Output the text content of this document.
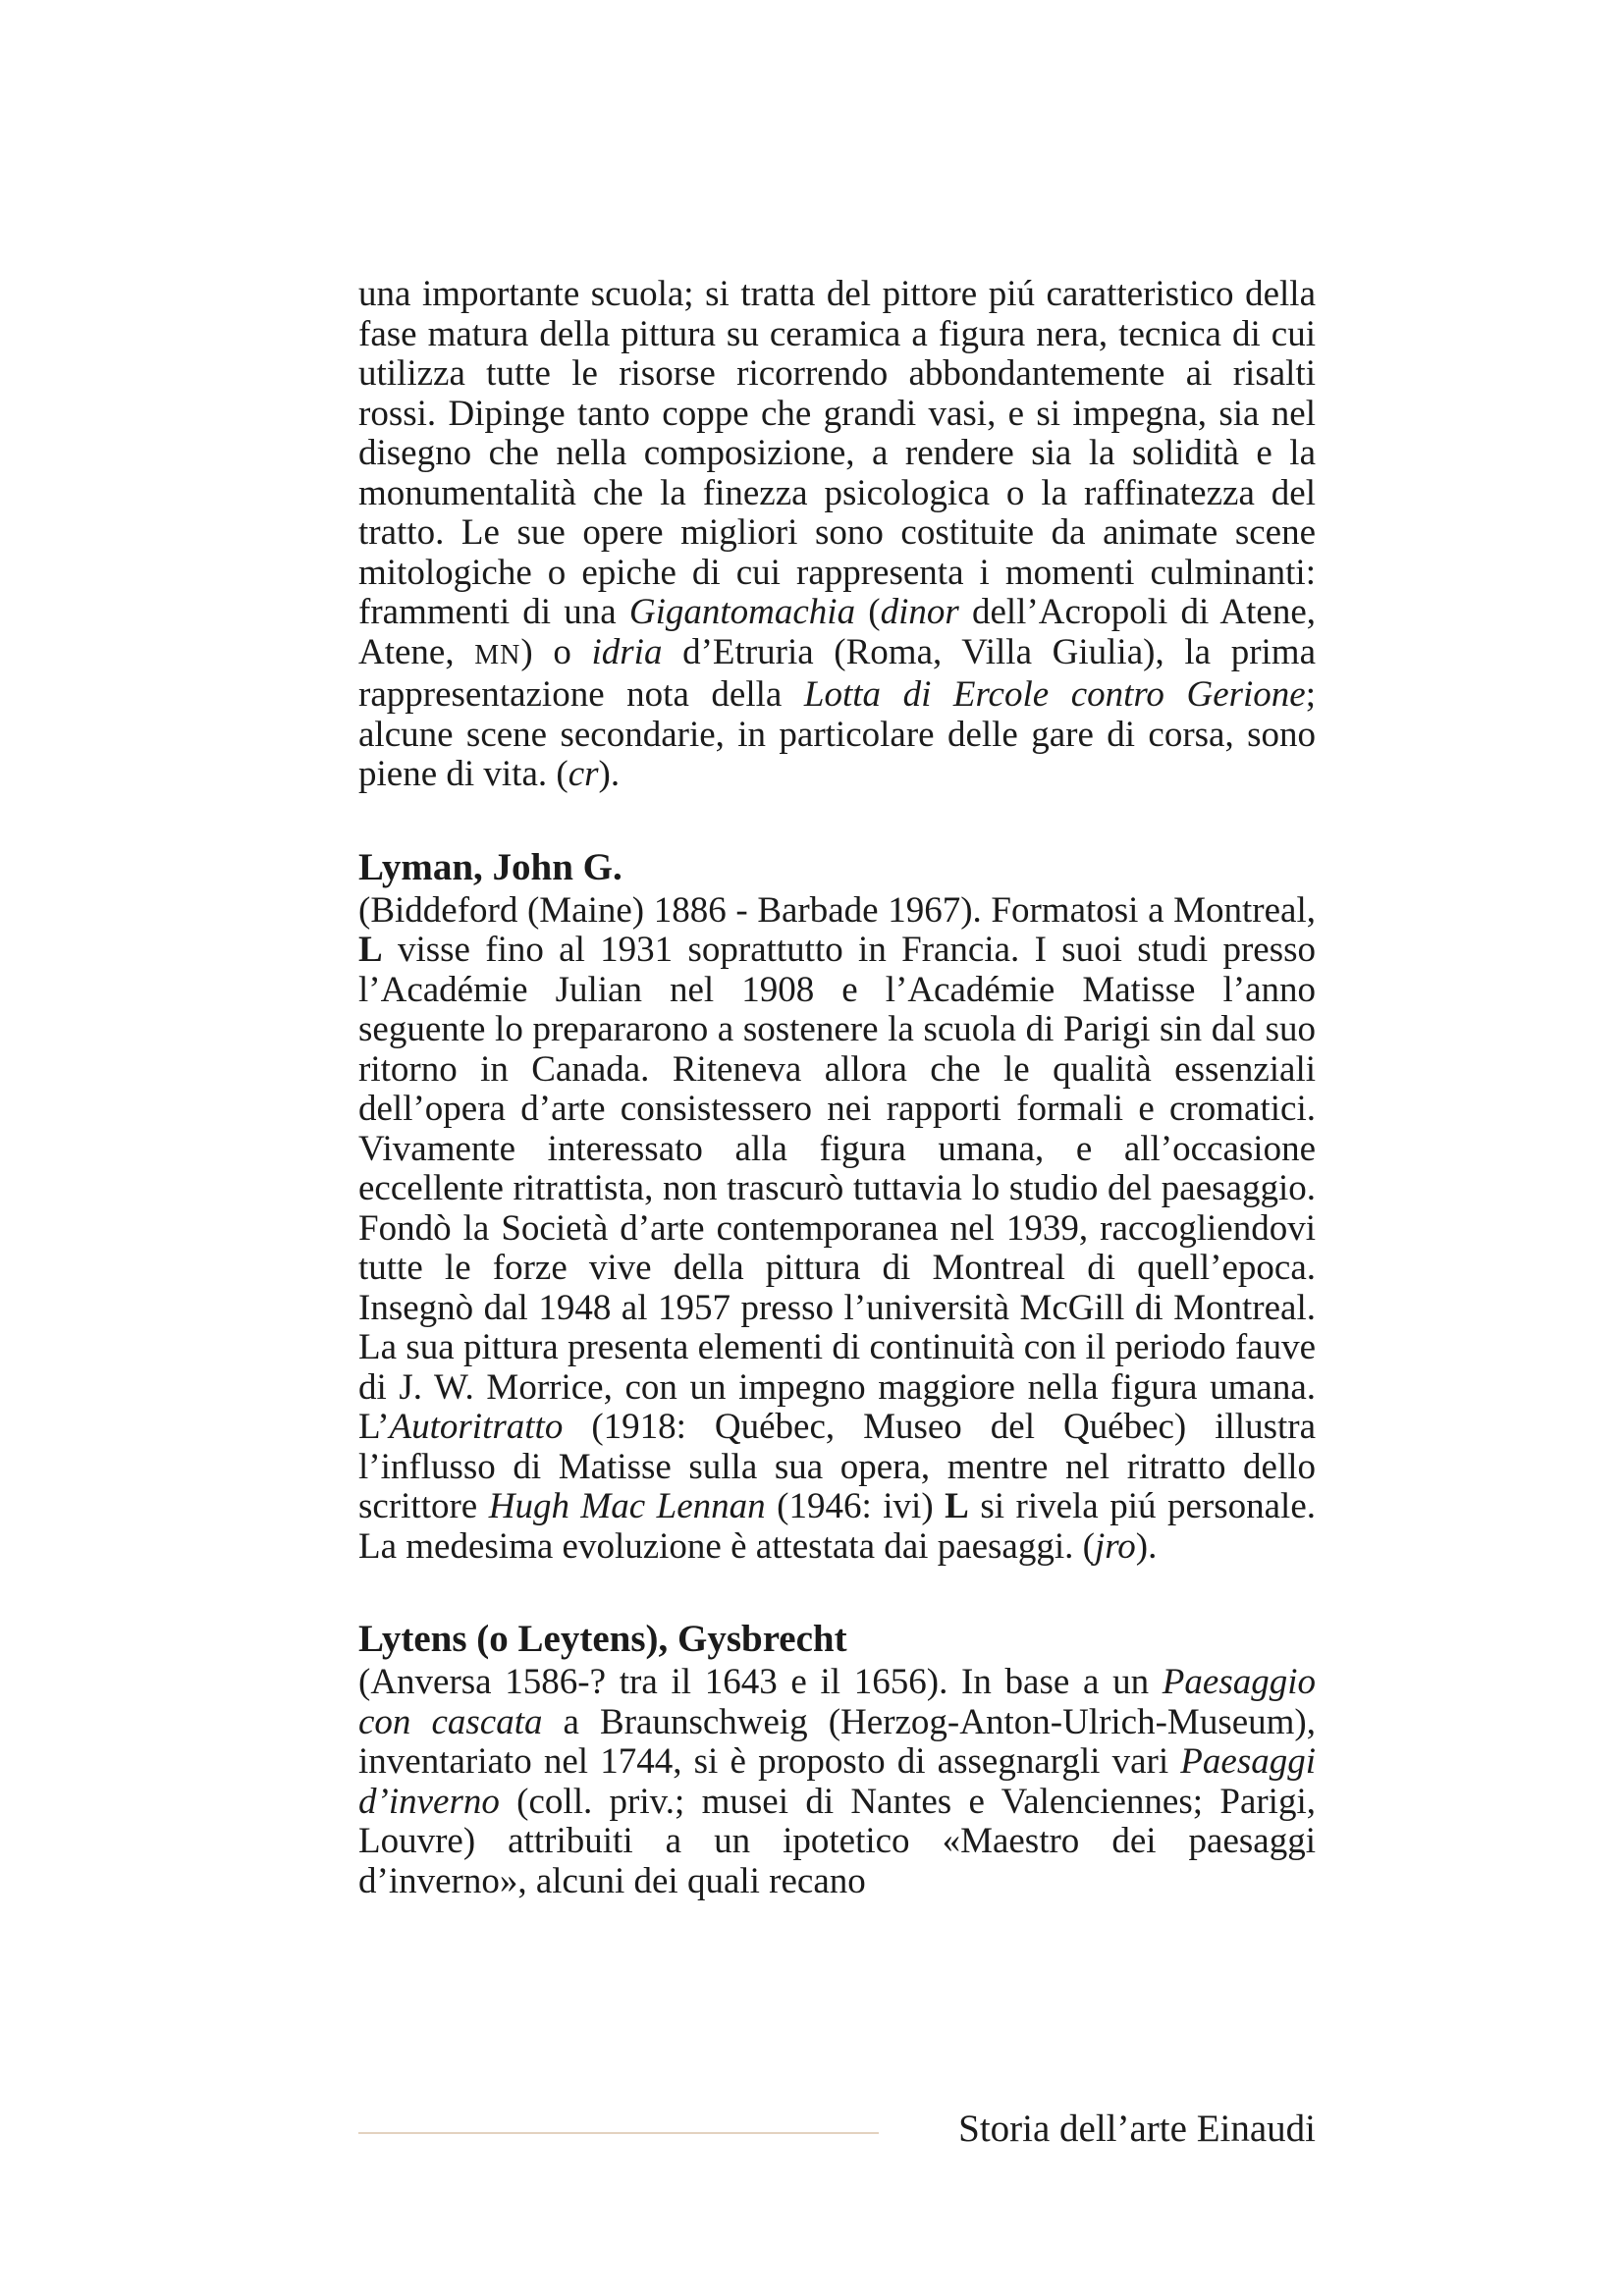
una importante scuola; si tratta del pittore piú caratteristico della fase matura della pittura su ceramica a figura nera, tecnica di cui utilizza tutte le risorse ricorrendo abbondantemente ai risalti rossi. Dipinge tanto coppe che grandi vasi, e si impegna, sia nel disegno che nella composizione, a rendere sia la solidità e la monumentalità che la finezza psicologica o la raffinatezza del tratto. Le sue opere migliori sono costituite da animate scene mitologiche o epiche di cui rappresenta i momenti culminanti: frammenti di una Gigantomachia (dinor dell’Acropoli di Atene, Atene, MN) o idria d’Etruria (Roma, Villa Giulia), la prima rappresentazione nota della Lotta di Ercole contro Gerione; alcune scene secondarie, in particolare delle gare di corsa, sono piene di vita. (cr).

Lyman, John G.

(Biddeford (Maine) 1886 - Barbade 1967). Formatosi a Montreal, L visse fino al 1931 soprattutto in Francia. I suoi studi presso l’Académie Julian nel 1908 e l’Académie Matisse l’anno seguente lo prepararono a sostenere la scuola di Parigi sin dal suo ritorno in Canada. Riteneva allora che le qualità essenziali dell’opera d’arte consistessero nei rapporti formali e cromatici. Vivamente interessato alla figura umana, e all’occasione eccellente ritrattista, non trascurò tuttavia lo studio del paesaggio. Fondò la Società d’arte contemporanea nel 1939, raccogliendovi tutte le forze vive della pittura di Montreal di quell’epoca. Insegnò dal 1948 al 1957 presso l’università McGill di Montreal. La sua pittura presenta elementi di continuità con il periodo fauve di J. W. Morrice, con un impegno maggiore nella figura umana. L’Autoritratto (1918: Québec, Museo del Québec) illustra l’influsso di Matisse sulla sua opera, mentre nel ritratto dello scrittore Hugh Mac Lennan (1946: ivi) L si rivela piú personale. La medesima evoluzione è attestata dai paesaggi. (jro).

Lytens (o Leytens), Gysbrecht

(Anversa 1586-? tra il 1643 e il 1656). In base a un Paesaggio con cascata a Braunschweig (Herzog-Anton-Ulrich-Museum), inventariato nel 1744, si è proposto di assegnargli vari Paesaggi d’inverno (coll. priv.; musei di Nantes e Valenciennes; Parigi, Louvre) attribuiti a un ipotetico «Maestro dei paesaggi d’inverno», alcuni dei quali recano

Storia dell’arte Einaudi
